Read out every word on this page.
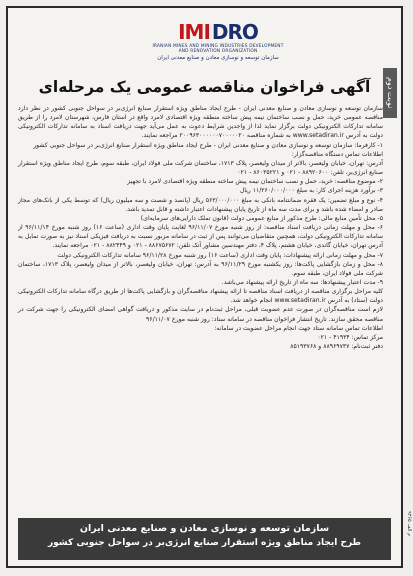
IMI DRO
IRANIAN MINES AND MINING INDUSTRIES DEVELOPMENT
AND RENOVATION ORGANIZATION
سازمان توسعه و نوسازی معادن و صنایع معدنی ایران
نوبت دوم
آگهی فراخوان مناقصه عمومی یک مرحله‌ای

سازمان توسعه و نوسازی معادن و صنایع معدنی ایران - طرح ایجاد مناطق ویژه استقرار صنایع انرژی‌بر در سواحل جنوبی کشور در نظر دارد مناقصه عمومی خرید، حمل و نصب ساختمان نیمه پیش ساخته منطقه ویژه اقتصادی لامرد واقع در استان فارس، شهرستان لامرد را از طریق سامانه تدارکات الکترونیکی دولت برگزار نماید لذا از واجدین شرایط دعوت به عمل می‌آید جهت دریافت اسناد به سامانه تدارکات الکترونیکی دولت به آدرس www.setadiran.ir به شماره مناقصه ۲۰۰۹۶۳۰۰۰۰۰۰۷۰۰۰۰۰۲۰ مراجعه نمایند.

۱- کارفرما: سازمان توسعه و نوسازی معادن و صنایع معدنی ایران - طرح ایجاد مناطق ویژه استقرار صنایع انرژی‌بر در سواحل جنوبی کشور

اطلاعات تماس دستگاه مناقصه‌گزار:

آدرس: تهران، خیابان ولیعصر، بالاتر از میدان ولیعصر، پلاک ۱۷۱۳، ساختمان شرکت ملی فولاد ایران، طبقه سوم، طرح ایجاد مناطق ویژه استقرار صنایع انرژی‌بر، تلفن: ۸۸۹۲۰۶۰۰ - ۰۲۱ و ۸۶۰۳۵۲۲۱ - ۰۲۱

۲- موضوع مناقصه: خرید، حمل و نصب ساختمان نیمه پیش ساخته منطقه ویژه اقتصادی لامرد با تجهیز

۳- برآورد هزینه اجرای کار: به مبلغ ۱۱/۲۶۰/۰۰۰/۰۰۰ ریال

۴- نوع و مبلغ تضمین: یک فقره ضمانتنامه بانکی به مبلغ ۵۶۳/۰۰۰/۰۰۰ ریال (پانصد و شصت و سه میلیون ریال) که توسط یکی از بانک‌های مجاز صادر و امضاء شده باشد و برای مدت سه ماه از تاریخ پایان پیشنهادات اعتبار داشته و قابل تمدید باشد.

۵- محل تأمین منابع مالی: طرح مذکور از منابع عمومی دولت (قانون تملک دارایی‌های سرمایه‌ای)

۶- محل و مهلت زمانی دریافت اسناد مناقصه: از روز شنبه مورخ ۹۶/۱۱/۰۷ لغایت پایان وقت اداری (ساعت ۱۶) روز شنبه مورخ ۹۶/۱۱/۱۴ از سامانه تدارکات الکترونیکی دولت، همچنین متقاضیان می‌توانند پس از ثبت در سامانه مزبور نسبت به دریافت فیزیکی اسناد نیز به صورت تمایل به آدرس تهران، خیابان گاندی، خیابان هشتم، پلاک ۴، دفتر مهندسین مشاور آتک تلفن: ۸۸۶۷۵۶۷۲ - ۰۲۱ و ۸۸۲۴۴۹ - ۰۲۱ مراجعه نمایند.

۷- محل و مهلت زمانی ارائه پیشنهادات: پایان وقت اداری (ساعت ۱۶) روز شنبه مورخ ۹۶/۱۱/۲۸ سامانه تدارکات الکترونیکی دولت

۸- محل و زمان بازگشایی پاکت‌ها: روز یکشنبه مورخ ۹۶/۱۱/۲۹ به آدرس: تهران، خیابان ولیعصر، بالاتر از میدان ولیعصر، پلاک ۱۷۱۳، ساختمان شرکت ملی فولاد ایران، طبقه سوم.

۹- مدت اعتبار پیشنهادها: سه ماه از تاریخ ارائه پیشنهاد می‌باشد.

کلیه مراحل برگزاری مناقصه از دریافت اسناد مناقصه تا ارائه پیشنهاد مناقصه‌گران و بازگشایی پاکت‌ها از طریق درگاه سامانه تدارکات الکترونیکی دولت (ستاد) به آدرس www.setadiran.ir انجام خواهد شد.

لازم است مناقصه‌گران در صورت عدم عضویت قبلی، مراحل ثبت‌نام در سایت مذکور و دریافت گواهی امضای الکترونیکی را جهت شرکت در مناقصه محقق سازند. تاریخ انتشار فراخوان مناقصه در سامانه ستاد: روز شنبه مورخ ۹۶/۱۱/۰۷

اطلاعات تماس سامانه ستاد جهت انجام مراحل عضویت در سامانه:

مرکز تماس: ۴۱۹۳۴ - ۰۲۱

دفتر ثبت‌نام: ۸۸۹۶۹۷۳۷ و ۸۵۱۹۳۷۶۸

سازمان توسعه و نوسازی معادن و صنایع معدنی ایران
طرح ایجاد مناطق ویژه استقرار صنایع انرژی‌بر در سواحل جنوبی کشور
م الف ۹۳۶۵
